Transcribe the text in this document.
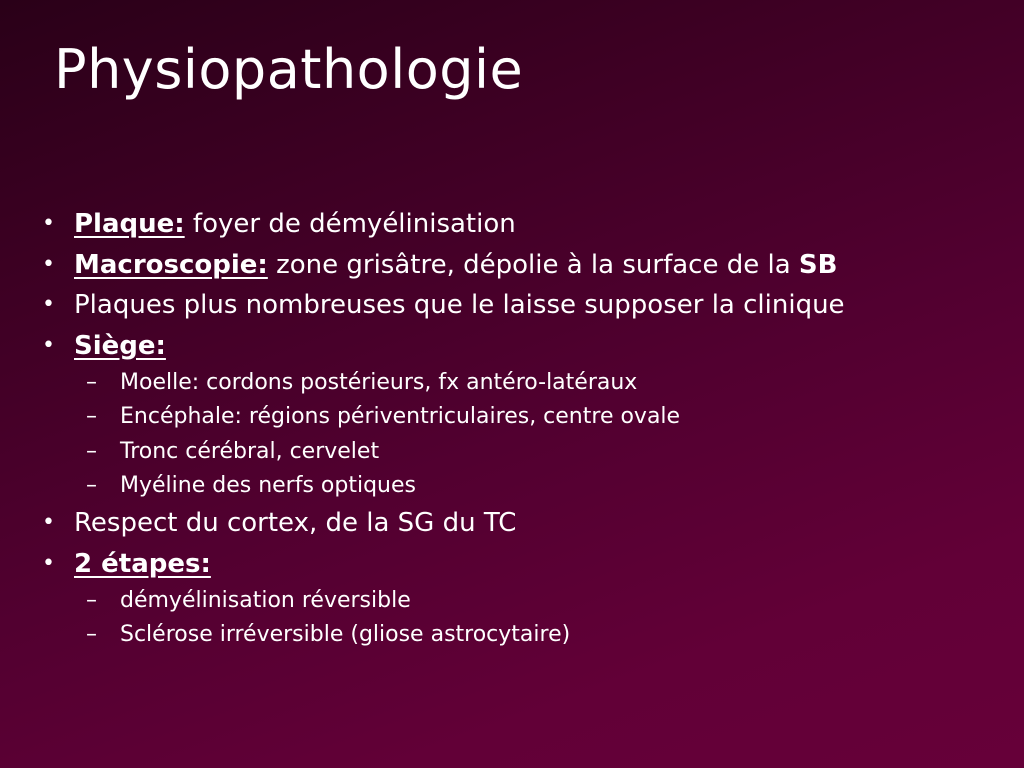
Physiopathologie
• Plaque: foyer de démyélinisation
• Macroscopie: zone grisâtre, dépolie à la surface de la SB
• Plaques plus nombreuses que le laisse supposer la clinique
• Siège:
– Moelle: cordons postérieurs, fx antéro-latéraux
– Encéphale: régions périventriculaires, centre ovale
– Tronc cérébral, cervelet
– Myéline des nerfs optiques
• Respect du cortex, de la SG du TC
• 2 étapes:
– démyélinisation réversible
– Sclérose irréversible (gliose astrocytaire)
